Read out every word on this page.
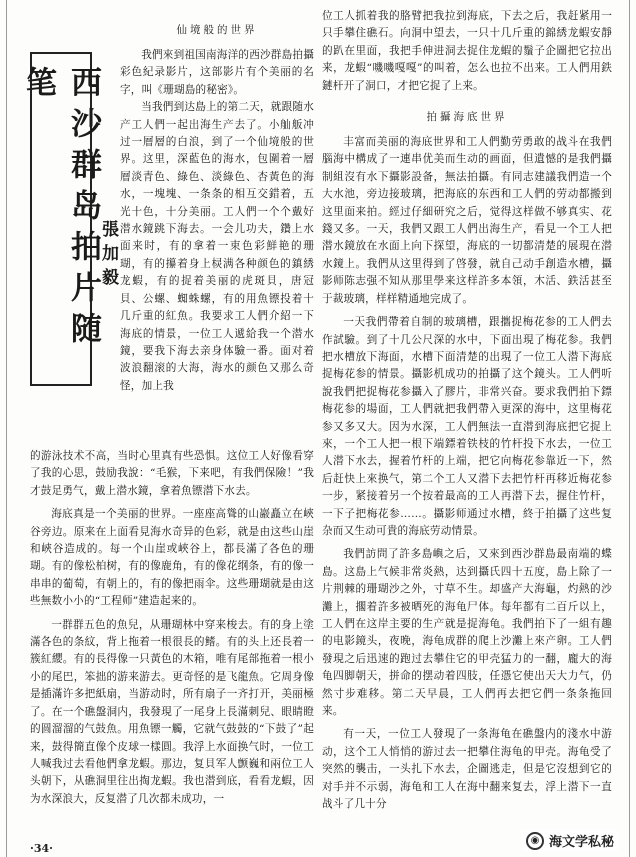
西沙群岛拍片随笔
張加毅
仙境般的世界

我們來到祖国南海洋的西沙群島拍攝彩色紀录影片，这部影片有个美丽的名字，叫《珊瑚島的秘密》。

当我們到达島上的第二天，就跟随水产工人們一起出海生产去了。小舢舨冲过一層層的白浪，到了一个仙境般的世界。这里，深藍色的海水，包圍着一層層淡青色、綠色、淡綠色、杏黃色的海水，一塊塊、一条条的相互交錯着，五光十色，十分美丽。工人們一个个戴好潜水鏡跳下海去。一会儿功夫，鑽上水面来时，有的拿着一束色彩鮮艳的珊瑚，有的攥着身上棂满各种颜色的鎮綉龙蝦，有的捉着美丽的虎斑貝，唐冠貝、公螺、蜘蛛螺，有的用魚镖投着十几斤重的紅魚。我要求工人們介紹一下海底的情景，一位工人遞給我一个潜水鏡，要我下海去亲身体驗一番。面对着波浪翻滚的大海，海水的颜色又那么奇怪，加上我

的游泳技术不高，当时心里真有些恐惧。这位工人好像看穿了我的心思，鼓励我說：“毛猴，下来吧，有我們保險！”我才鼓足勇气，戴上潜水鏡，拿着魚镖潜下水去。

海底真是一个美丽的世界。一座座高聳的山巖矗立在峽谷旁边。原来在上面看見海水奇异的色彩，就是由这些山崖和峽谷造成的。每一个山崖或峽谷上，都長滿了各色的珊瑚。有的像松柏树，有的像鹿角，有的像花纲条，有的像一串串的葡萄，有朝上的，有的像把雨伞。这些珊瑚就是由这些無数小小的“工程师”建造起来的。

一群群五色的魚兒，从珊瑚林中穿来梭去。有的身上塗滿各色的条紋，背上拖着一根很長的鳍。有的头上还長着一簇紅纓。有的長得像一只黃色的木箱，唯有尾部拖着一根小小的尾巴，笨拙的游来游去。更奇怪的是飞龍魚。它周身像是插滿许多把紙扇，当游动时，所有扇子一齐打开，美丽極了。在一个礁盤洞内，我發現了一尾身上長滿刺兒、眼睛瞪的圆溜溜的气鼓魚。用魚镖一觸，它就气鼓鼓的“下鼓了”起来，鼓得簡直像个皮球一樣圓。我浮上水面换气时，一位工人喊我过去看他們拿龙蝦。那边，复貝军人颤巍和兩位工人头朝下，从礁洞里往出掏龙蝦。我也潜到底，看看龙蝦，因为水深浪大，反复潜了几次都未成功，一

位工人抓着我的胳臂把我拉到海底，下去之后，我赶紧用一只手攀住礁石。向洞中望去，一只十几斤重的錦綉龙蝦安靜的趴在里面，我把手伸进洞去捉住龙蝦的鬚子企圖把它拉出来，龙蝦“嘰嘰嘎嘎”的叫着，怎么也拉不出来。工人們用鉄鏈杆开了洞口，才把它捉了上来。

拍攝海底世界

丰富而美丽的海底世界和工人們勤劳勇敢的战斗在我們腦海中構成了一連串优美而生动的画面，但遺憾的是我們攝制組沒有水下攝影設备，無法拍攝。有同志建議我們造一个大水池，旁边接玻璃，把海底的东西和工人們的劳动都搬到这里面来拍。經过仔細研究之后，觉得这样做不够真实、花錢又多。一天，我們又跟工人們出海生产，看見一个工人把潜水鏡放在水面上向下探望，海底的一切都清楚的展現在潜水鏡上。我們从这里得到了啓發，就自己动手創造水槽，攝影师陈志强不知从那里學来这样許多本領，木活、鉄活甚至于裁玻璃，样样精通地完成了。

一天我們帶着自制的玻璃槽，跟攜捉梅花参的工人們去作試驗。到了十几公尺深的水中，下面出現了梅花参。我們把水槽放下海面，水槽下面清楚的出現了一位工人潜下海底捉梅花参的情景。攝影机成功的拍攝了这个鏡头。工人們听說我們把捉梅花参攝入了膠片，非常兴奋。要求我們拍下鏢梅花参的場面，工人們就把我們帶入更深的海中，这里梅花参又多又大。因为水深，工人們無法一直潜到海底把它捉上來，一个工人把一根下端鏢着铁枝的竹杆投下水去，一位工人潜下水去，握着竹杆的上端，把它向梅花参靠近一下，然后赶快上來换气，第二个工人又潜下去把竹杆再移近梅花参一步，紧接着另一个按着最高的工人再潜下去，握住竹杆，一下子把梅花参……。攝影师通过水槽，終于拍攝了这些复杂而又生动可貴的海底劳动情景。

我們訪問了許多島嶼之后，又來到西沙群島最南端的蝶島。这島上气候非常炎熱，达到攝氏四十五度，島上除了一片荆棘的珊瑚沙之外，寸草不生。却盛产大海龜，灼熱的沙灘上，擱着許多被晒死的海龟尸体。每年都有二百斤以上，工人們在这岸主要的生产就是捉海龟。我們拍下了一組有趣的电影鏡头，夜晚，海龟成群的爬上沙灘上來产卵。工人們發現之后迅速的跑过去攀住它的甲壳猛力的一翻，龐大的海龟四脚朝天，拼命的摆动着四肢，任憑它使出天大力气，仍然寸步难移。第二天早晨，工人們再去把它們一条条拖回来。

有一天，一位工人發現了一条海龟在礁盤内的淺水中游动，这个工人悄悄的游过去一把攀住海龟的甲壳。海龟受了突然的襲击，一头扎下水去，企圖逃走，但是它沒想到它的对手并不示弱，海龟和工人在海中翻来复去，浮上潜下一直战斗了几十分

·34·
◉ 海文学私秘
